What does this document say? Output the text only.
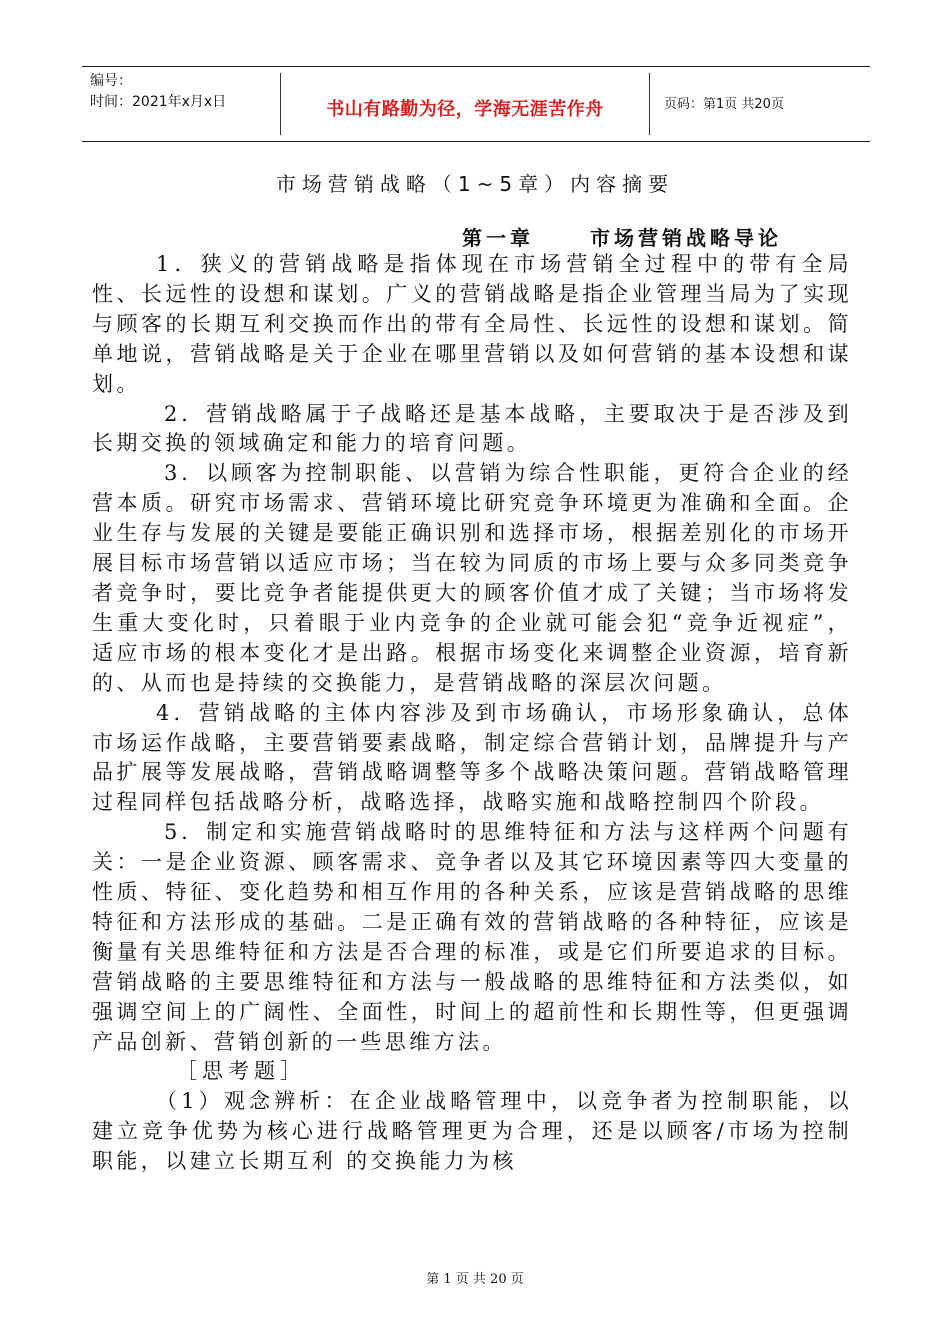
编号：
时间：2021年x月x日	书山有路勤为径，学海无涯苦作舟	页码：第1页 共20页
市场营销战略（1~5章）内容摘要
第一章	市场营销战略导论

1．狭义的营销战略是指体现在市场营销全过程中的带有全局性、长远性的设想和谋划。广义的营销战略是指企业管理当局为了实现与顾客的长期互利交换而作出的带有全局性、长远性的设想和谋划。简单地说，营销战略是关于企业在哪里营销以及如何营销的基本设想和谋划。

2．营销战略属于子战略还是基本战略，主要取决于是否涉及到长期交换的领域确定和能力的培育问题。

3．以顾客为控制职能、以营销为综合性职能，更符合企业的经营本质。研究市场需求、营销环境比研究竞争环境更为准确和全面。企业生存与发展的关键是要能正确识别和选择市场，根据差别化的市场开展目标市场营销以适应市场；当在较为同质的市场上要与众多同类竞争者竞争时，要比竞争者能提供更大的顾客价值才成了关键；当市场将发生重大变化时，只着眼于业内竞争的企业就可能会犯“竞争近视症”，适应市场的根本变化才是出路。根据市场变化来调整企业资源，培育新的、从而也是持续的交换能力，是营销战略的深层次问题。

4．营销战略的主体内容涉及到市场确认，市场形象确认，总体市场运作战略，主要营销要素战略，制定综合营销计划，品牌提升与产品扩展等发展战略，营销战略调整等多个战略决策问题。营销战略管理过程同样包括战略分析，战略选择，战略实施和战略控制四个阶段。

5．制定和实施营销战略时的思维特征和方法与这样两个问题有关：一是企业资源、顾客需求、竞争者以及其它环境因素等四大变量的性质、特征、变化趋势和相互作用的各种关系，应该是营销战略的思维特征和方法形成的基础。二是正确有效的营销战略的各种特征，应该是衡量有关思维特征和方法是否合理的标准，或是它们所要追求的目标。营销战略的主要思维特征和方法与一般战略的思维特征和方法类似，如强调空间上的广阔性、全面性，时间上的超前性和长期性等，但更强调产品创新、营销创新的一些思维方法。

［思考题］

（1）观念辨析：在企业战略管理中，以竞争者为控制职能，以建立竞争优势为核心进行战略管理更为合理，还是以顾客/市场为控制职能，以建立长期互利 的交换能力为核

第 1 页 共 20 页
